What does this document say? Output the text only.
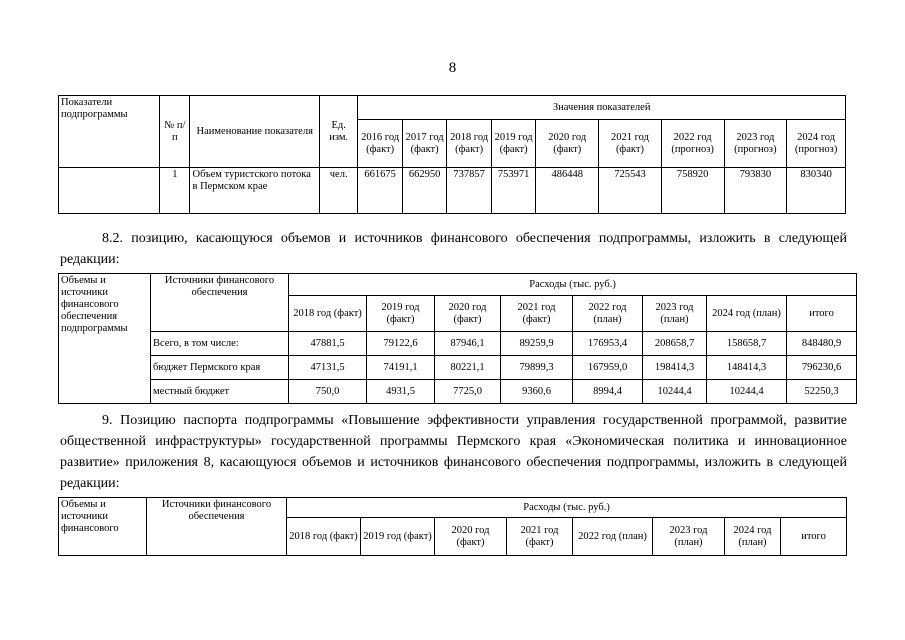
8
Показатели подпрограммы	№ п/п	Наименование показателя	Ед. изм.	Значения показателей								
				2016 год (факт)	2017 год (факт)	2018 год (факт)	2019 год (факт)	2020 год (факт)	2021 год (факт)	2022 год (прогноз)	2023 год (прогноз)	2024 год (прогноз)
	1	Объем туристского потока в Пермском крае	чел.	661675	662950	737857	753971	486448	725543	758920	793830	830340
8.2. позицию, касающуюся объемов и источников финансового обеспечения подпрограммы, изложить в следующей редакции:
Объемы и источники финансового обеспечения подпрограммы	Источники финансового обеспечения	Расходы (тыс. руб.)							
		2018 год (факт)	2019 год (факт)	2020 год (факт)	2021 год (факт)	2022 год (план)	2023 год (план)	2024 год (план)	итого
	Всего, в том числе:	47881,5	79122,6	87946,1	89259,9	176953,4	208658,7	158658,7	848480,9
	бюджет Пермского края	47131,5	74191,1	80221,1	79899,3	167959,0	198414,3	148414,3	796230,6
	местный бюджет	750,0	4931,5	7725,0	9360,6	8994,4	10244,4	10244,4	52250,3
9. Позицию паспорта подпрограммы «Повышение эффективности управления государственной программой, развитие общественной инфраструктуры» государственной программы Пермского края «Экономическая политика и инновационное развитие» приложения 8, касающуюся объемов и источников финансового обеспечения подпрограммы, изложить в следующей редакции:
Объемы и источники финансового	Источники финансового обеспечения	Расходы (тыс. руб.)							
		2018 год (факт)	2019 год (факт)	2020 год (факт)	2021 год (факт)	2022 год (план)	2023 год (план)	2024 год (план)	итого
